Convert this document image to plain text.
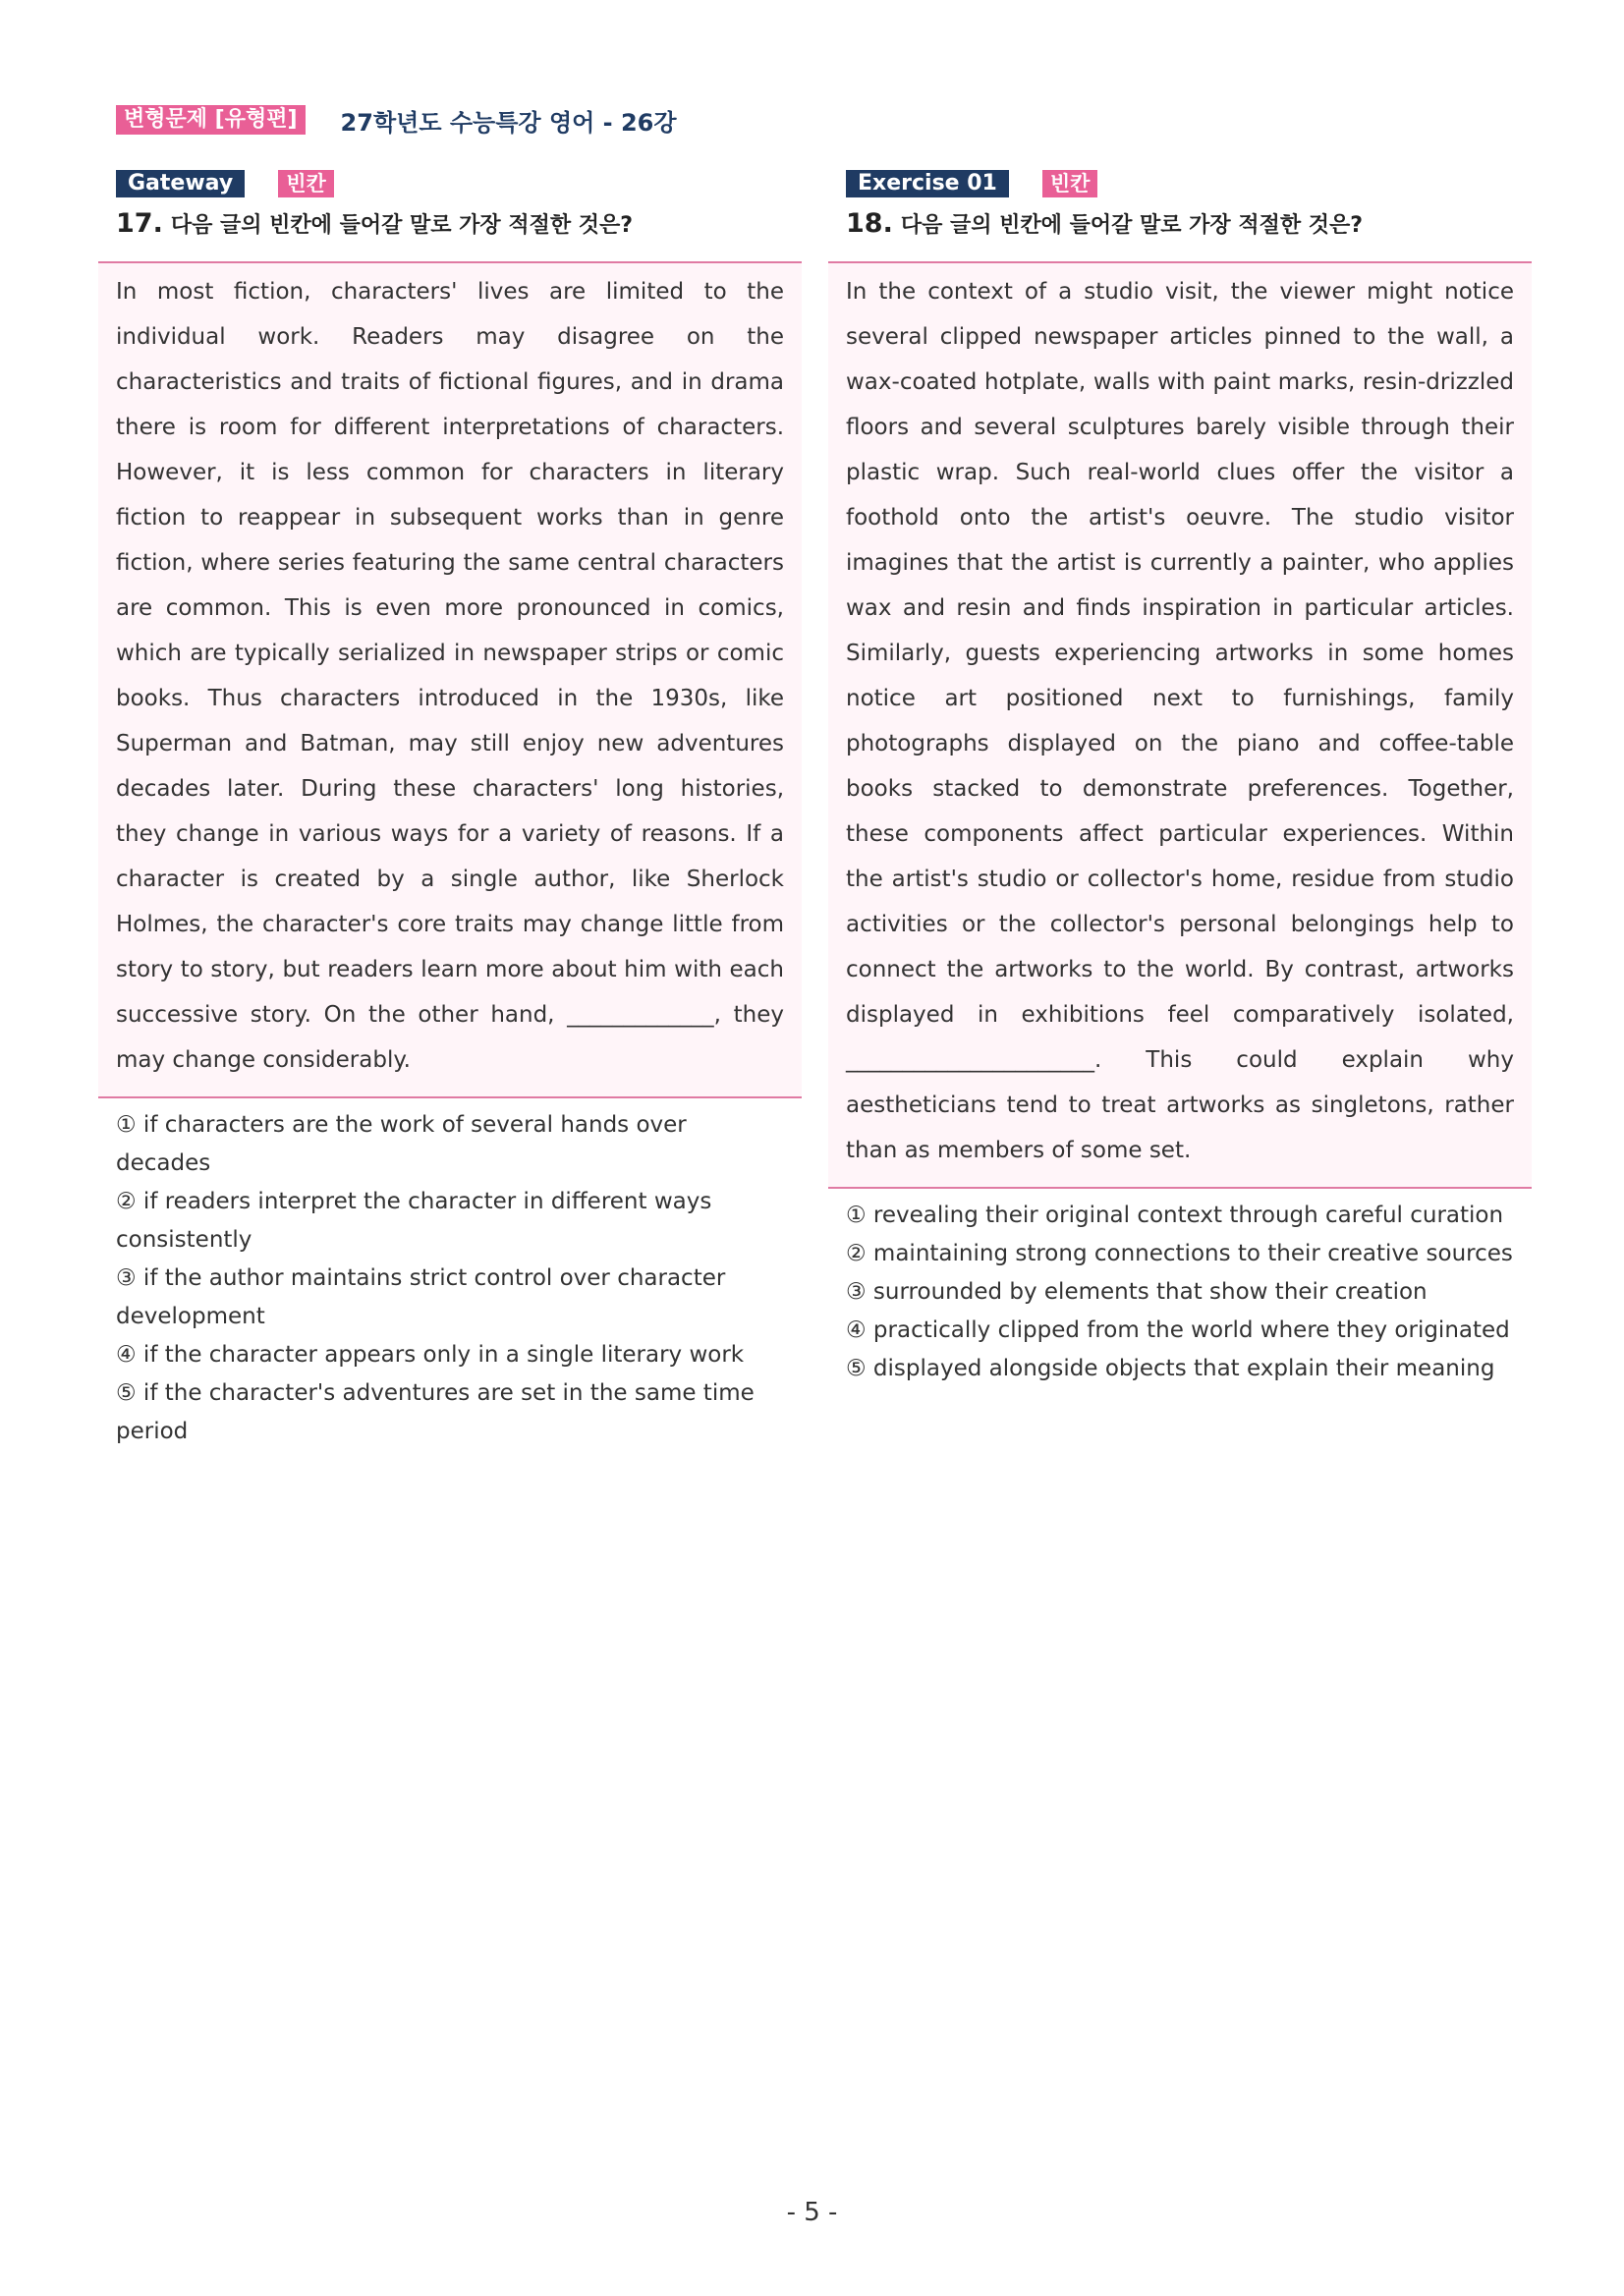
변형문제 [유형편]	27학년도 수능특강 영어 - 26강
Gateway	빈칸
17. 다음 글의 빈칸에 들어갈 말로 가장 적절한 것은?
In most fiction, characters' lives are limited to the individual work. Readers may disagree on the characteristics and traits of fictional figures, and in drama there is room for different interpretations of characters. However, it is less common for characters in literary fiction to reappear in subsequent works than in genre fiction, where series featuring the same central characters are common. This is even more pronounced in comics, which are typically serialized in newspaper strips or comic books. Thus characters introduced in the 1930s, like Superman and Batman, may still enjoy new adventures decades later. During these characters' long histories, they change in various ways for a variety of reasons. If a character is created by a single author, like Sherlock Holmes, the character's core traits may change little from story to story, but readers learn more about him with each successive story. On the other hand, _____________, they may change considerably.
① if characters are the work of several hands over decades
② if readers interpret the character in different ways consistently
③ if the author maintains strict control over character development
④ if the character appears only in a single literary work
⑤ if the character's adventures are set in the same time period
Exercise 01	빈칸
18. 다음 글의 빈칸에 들어갈 말로 가장 적절한 것은?
In the context of a studio visit, the viewer might notice several clipped newspaper articles pinned to the wall, a wax-coated hotplate, walls with paint marks, resin-drizzled floors and several sculptures barely visible through their plastic wrap. Such real-world clues offer the visitor a foothold onto the artist's oeuvre. The studio visitor imagines that the artist is currently a painter, who applies wax and resin and finds inspiration in particular articles. Similarly, guests experiencing artworks in some homes notice art positioned next to furnishings, family photographs displayed on the piano and coffee-table books stacked to demonstrate preferences. Together, these components affect particular experiences. Within the artist's studio or collector's home, residue from studio activities or the collector's personal belongings help to connect the artworks to the world. By contrast, artworks displayed in exhibitions feel comparatively isolated, ______________________. This could explain why aestheticians tend to treat artworks as singletons, rather than as members of some set.
① revealing their original context through careful curation
② maintaining strong connections to their creative sources
③ surrounded by elements that show their creation
④ practically clipped from the world where they originated
⑤ displayed alongside objects that explain their meaning
- 5 -
